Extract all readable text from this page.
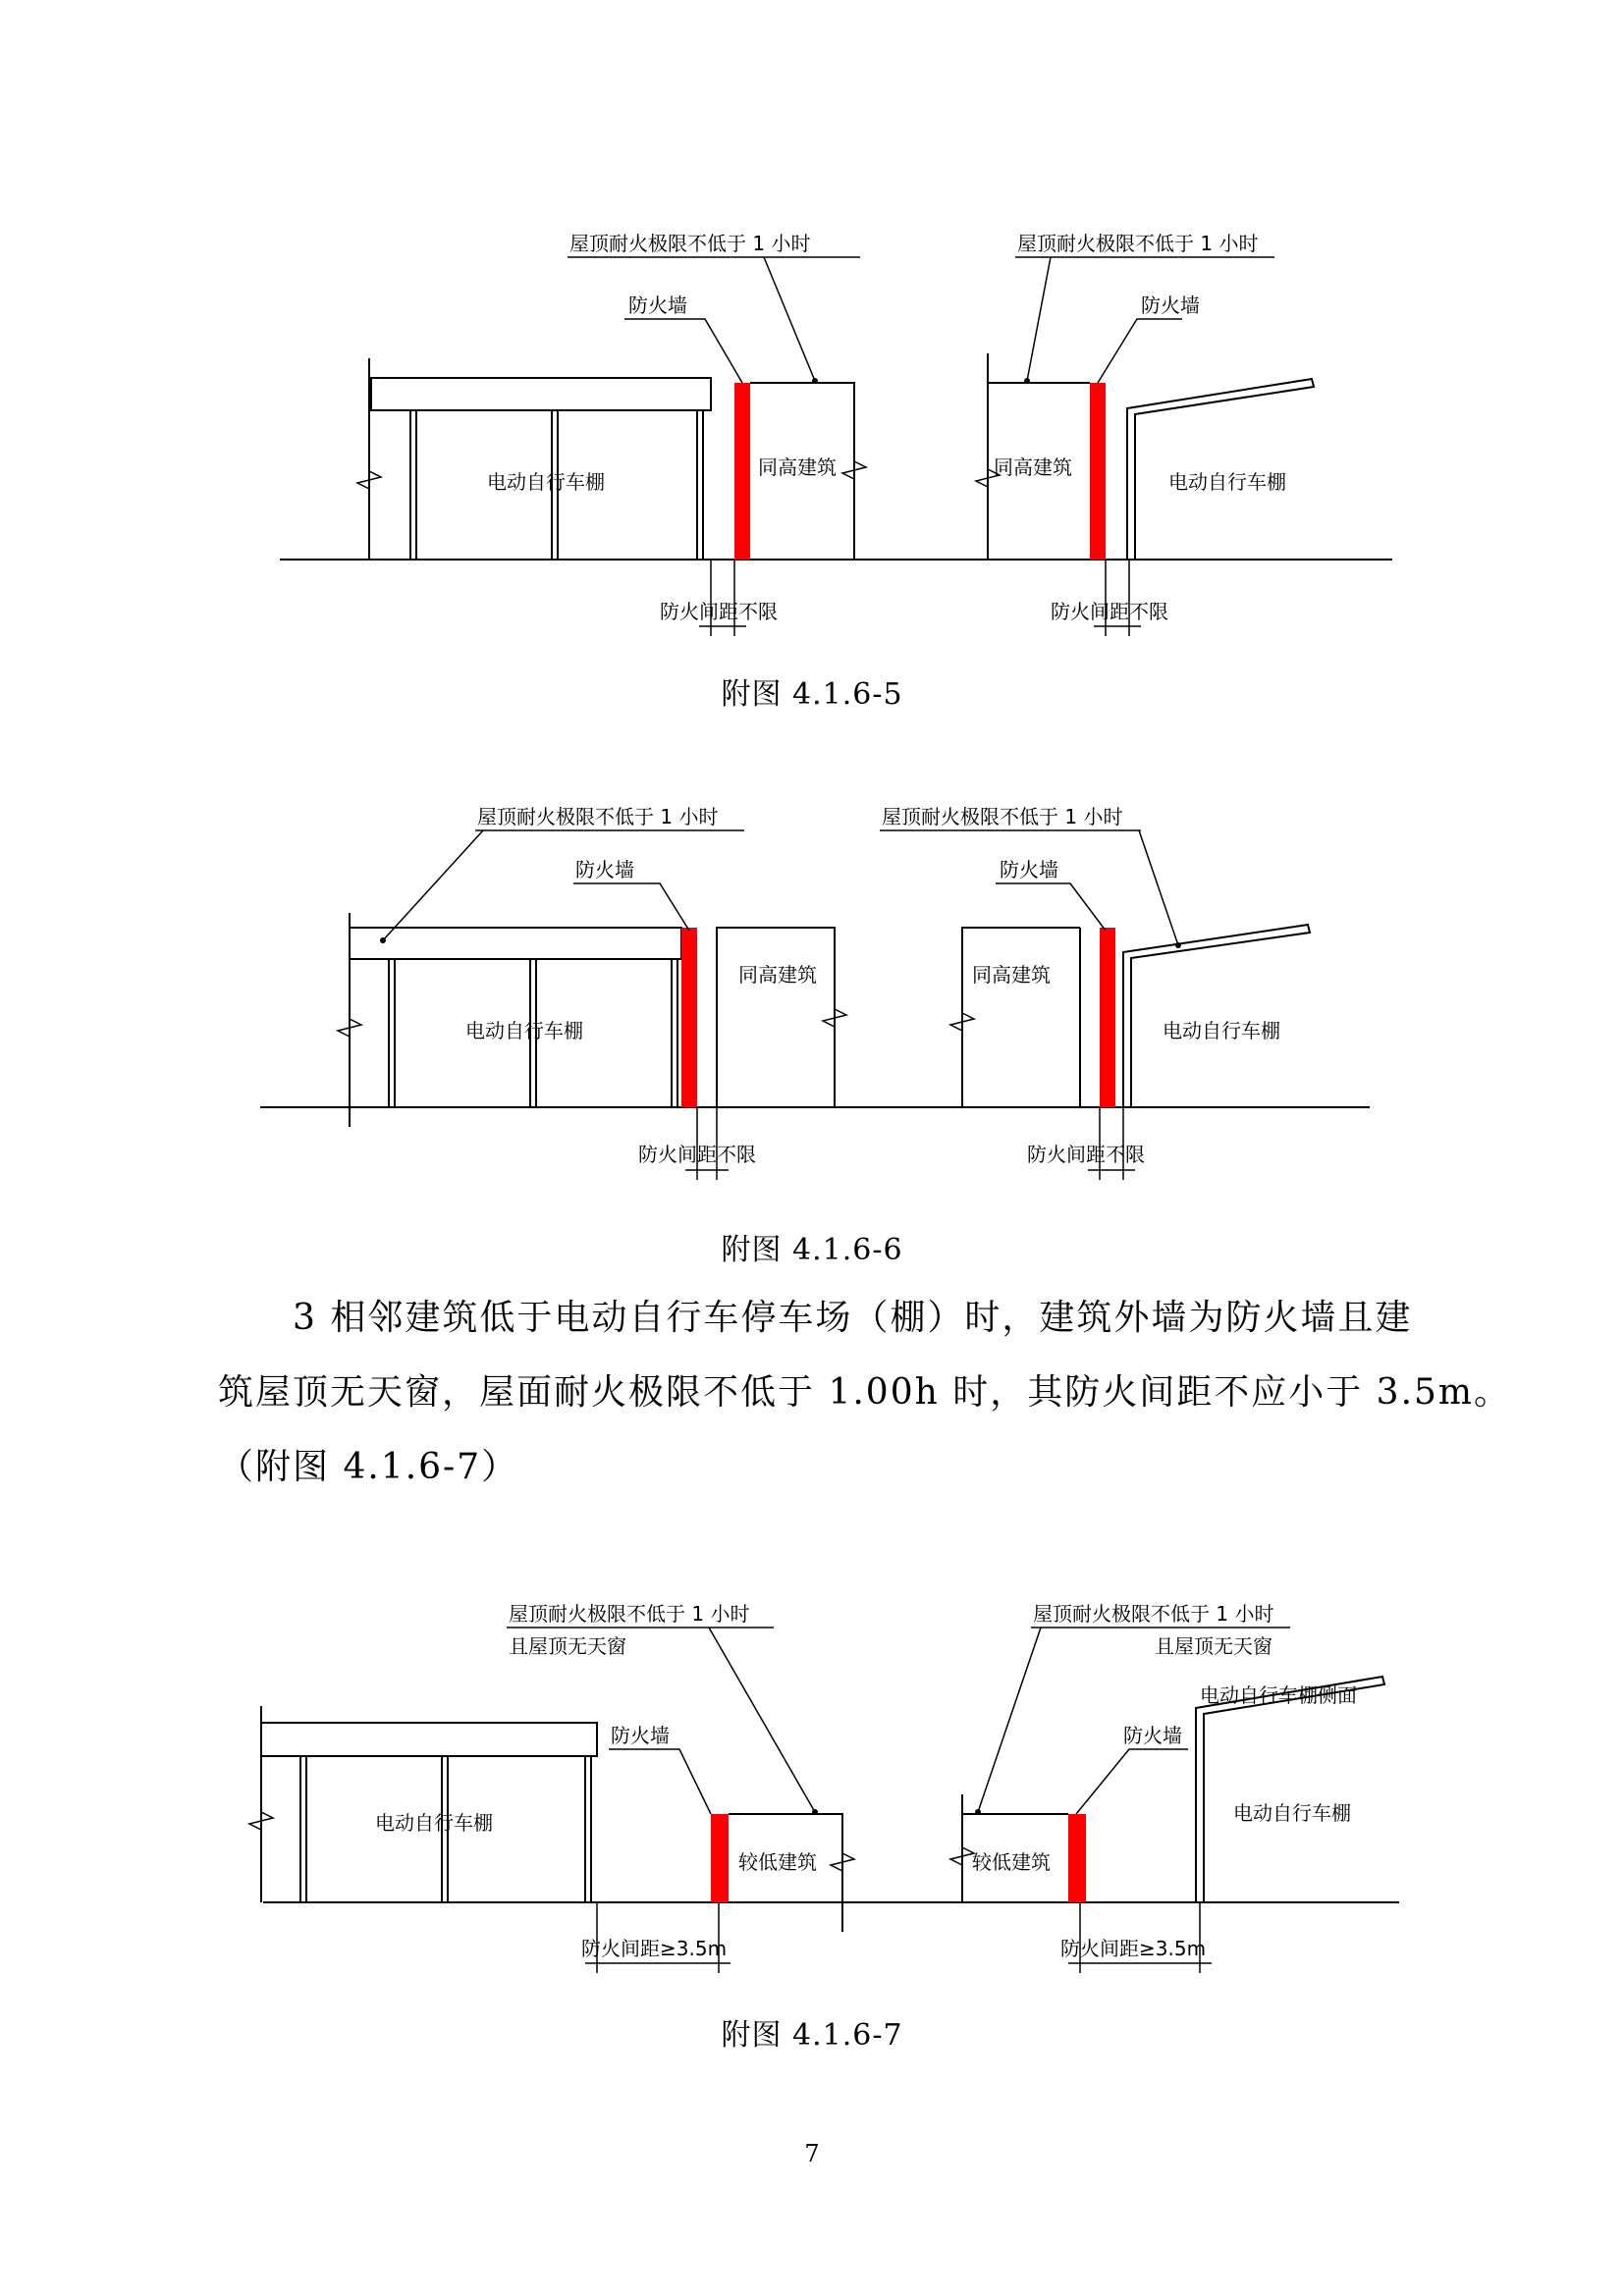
屋顶耐火极限不低于 1 小时
防火墙
电动自行车棚
同高建筑
防火间距不限
屋顶耐火极限不低于 1 小时
防火墙
同高建筑
电动自行车棚
防火间距不限
附图 4.1.6-5
屋顶耐火极限不低于 1 小时
防火墙
电动自行车棚
同高建筑
防火间距不限
屋顶耐火极限不低于 1 小时
防火墙
同高建筑
电动自行车棚
防火间距不限
附图 4.1.6-6
3 相邻建筑低于电动自行车停车场（棚）时，建筑外墙为防火墙且建
筑屋顶无天窗，屋面耐火极限不低于 1.00h 时，其防火间距不应小于 3.5m。
（附图 4.1.6-7）
屋顶耐火极限不低于 1 小时
且屋顶无天窗
防火墙
电动自行车棚
较低建筑
防火间距≥3.5m
屋顶耐火极限不低于 1 小时
且屋顶无天窗
电动自行车棚侧面
防火墙
较低建筑
电动自行车棚
防火间距≥3.5m
附图 4.1.6-7
7
